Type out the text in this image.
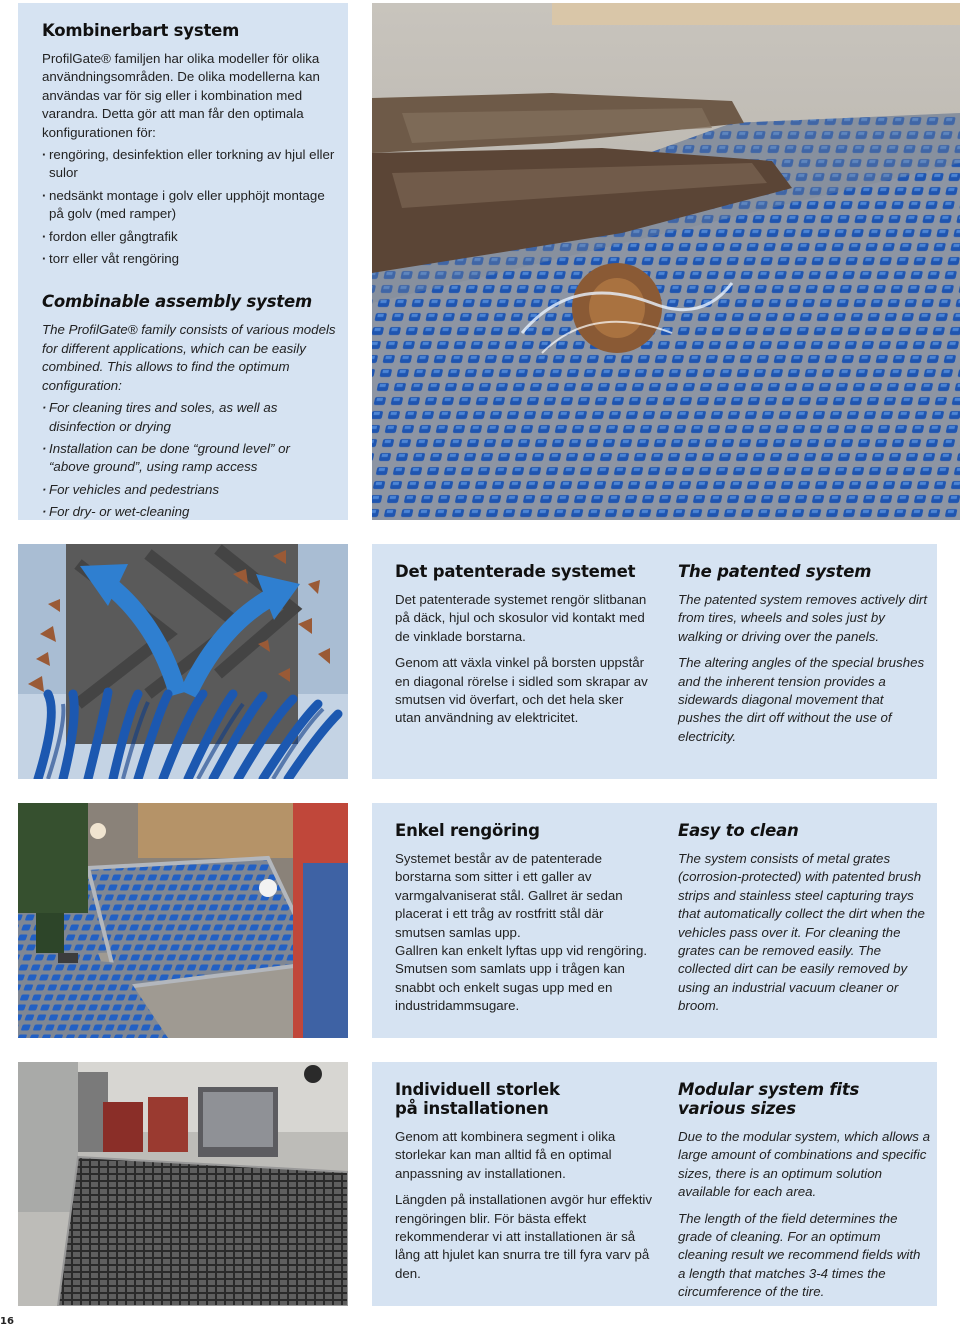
Kombinerbart system

ProfilGate® familjen har olika modeller för olika användningsområden. De olika modellerna kan användas var för sig eller i kombination med varandra. Detta gör att man får den optimala konfigurationen för:

· rengöring, desinfektion eller torkning av hjul eller sulor
· nedsänkt montage i golv eller upphöjt montage på golv (med ramper)
· fordon eller gångtrafik
· torr eller våt rengöring
Combinable assembly system

The ProfilGate® family consists of various models for different applications, which can be easily combined. This allows to find the optimum configuration:

· For cleaning tires and soles, as well as disinfection or drying
· Installation can be done “ground level” or “above ground”, using ramp access
· For vehicles and pedestrians
· For dry- or wet-cleaning
Det patenterade systemet

Det patenterade systemet rengör slitbanan på däck, hjul och skosulor vid kontakt med de vinklade borstarna.

Genom att växla vinkel på borsten uppstår en diagonal rörelse i sidled som skrapar av smutsen vid överfart, och det hela sker utan användning av elektricitet.

The patented system

The patented system removes actively dirt from tires, wheels and soles just by walking or driving over the panels.

The altering angles of the special brushes and the inherent tension provides a sidewards diagonal movement that pushes the dirt off without the use of electricity.

Enkel rengöring

Systemet består av de patenterade borstarna som sitter i ett galler av varmgalvaniserat stål. Gallret är sedan placerat i ett tråg av rostfritt stål där smutsen samlas upp.

Gallren kan enkelt lyftas upp vid rengöring. Smutsen som samlats upp i trågen kan snabbt och enkelt sugas upp med en industridammsugare.

Easy to clean

The system consists of metal grates (corrosion-protected) with patented brush strips and stainless steel capturing trays that automatically collect the dirt when the vehicles pass over it. For cleaning the grates can be removed easily. The collected dirt can be easily removed by using an industrial vacuum cleaner or broom.

Individuell storlek
på installationen

Genom att kombinera segment i olika storlekar kan man alltid få en optimal anpassning av installationen.

Längden på installationen avgör hur effektiv rengöringen blir. För bästa effekt rekommenderar vi att installationen är så lång att hjulet kan snurra tre till fyra varv på den.

Modular system fits various sizes

Due to the modular system, which allows a large amount of combinations and specific sizes, there is an optimum solution available for each area.

The length of the field determines the grade of cleaning. For an optimum cleaning result we recommend fields with a length that matches 3-4 times the circumference of the tire.

16
